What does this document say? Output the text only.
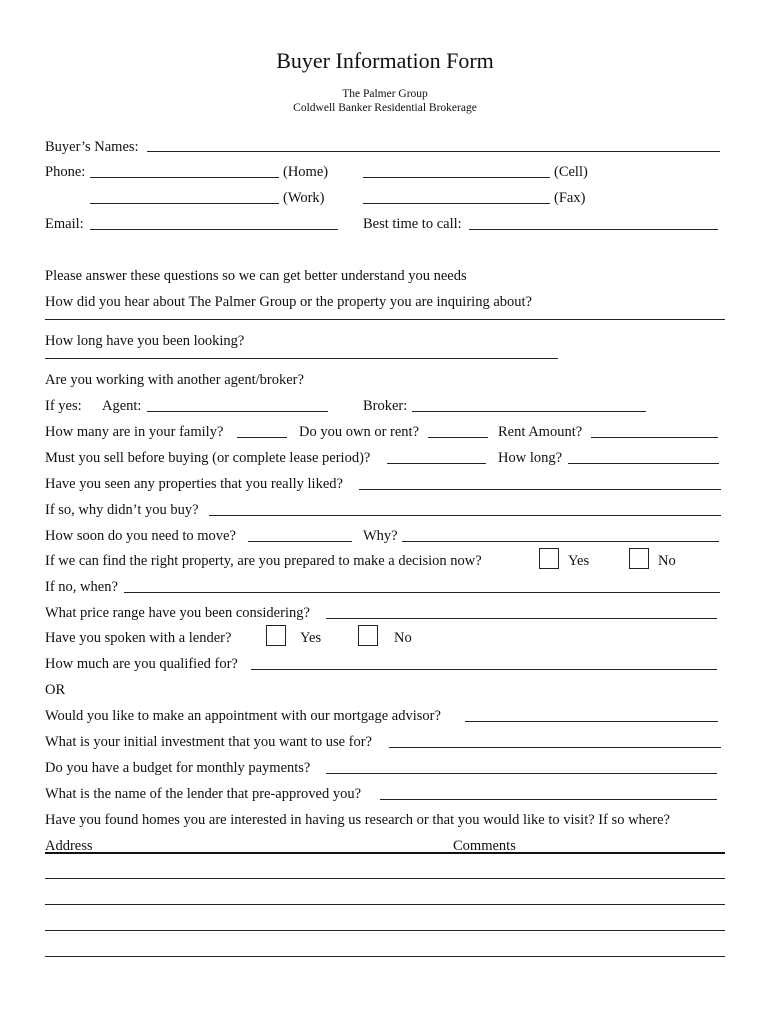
Buyer Information Form
The Palmer Group
Coldwell Banker Residential Brokerage
Buyer’s Names:
Phone:	(Home)	(Cell)
(Work)	(Fax)
Email:	Best time to call:
Please answer these questions so we can get better understand you needs
How did you hear about The Palmer Group or the property you are inquiring about?
How long have you been looking?
Are you working with another agent/broker?
If yes: Agent:	Broker:
How many are in your family?	Do you own or rent?	Rent Amount?
Must you sell before buying (or complete lease period)?	How long?
Have you seen any properties that you really liked?
If so, why didn’t you buy?
How soon do you need to move?	Why?
If we can find the right property, are you prepared to make a decision now?	Yes	No
If no, when?
What price range have you been considering?
Have you spoken with a lender?	Yes	No
How much are you qualified for?
OR
Would you like to make an appointment with our mortgage advisor?
What is your initial investment that you want to use for?
Do you have a budget for monthly payments?
What is the name of the lender that pre-approved you?
Have you found homes you are interested in having us research or that you would like to visit? If so where?
Address	Comments
